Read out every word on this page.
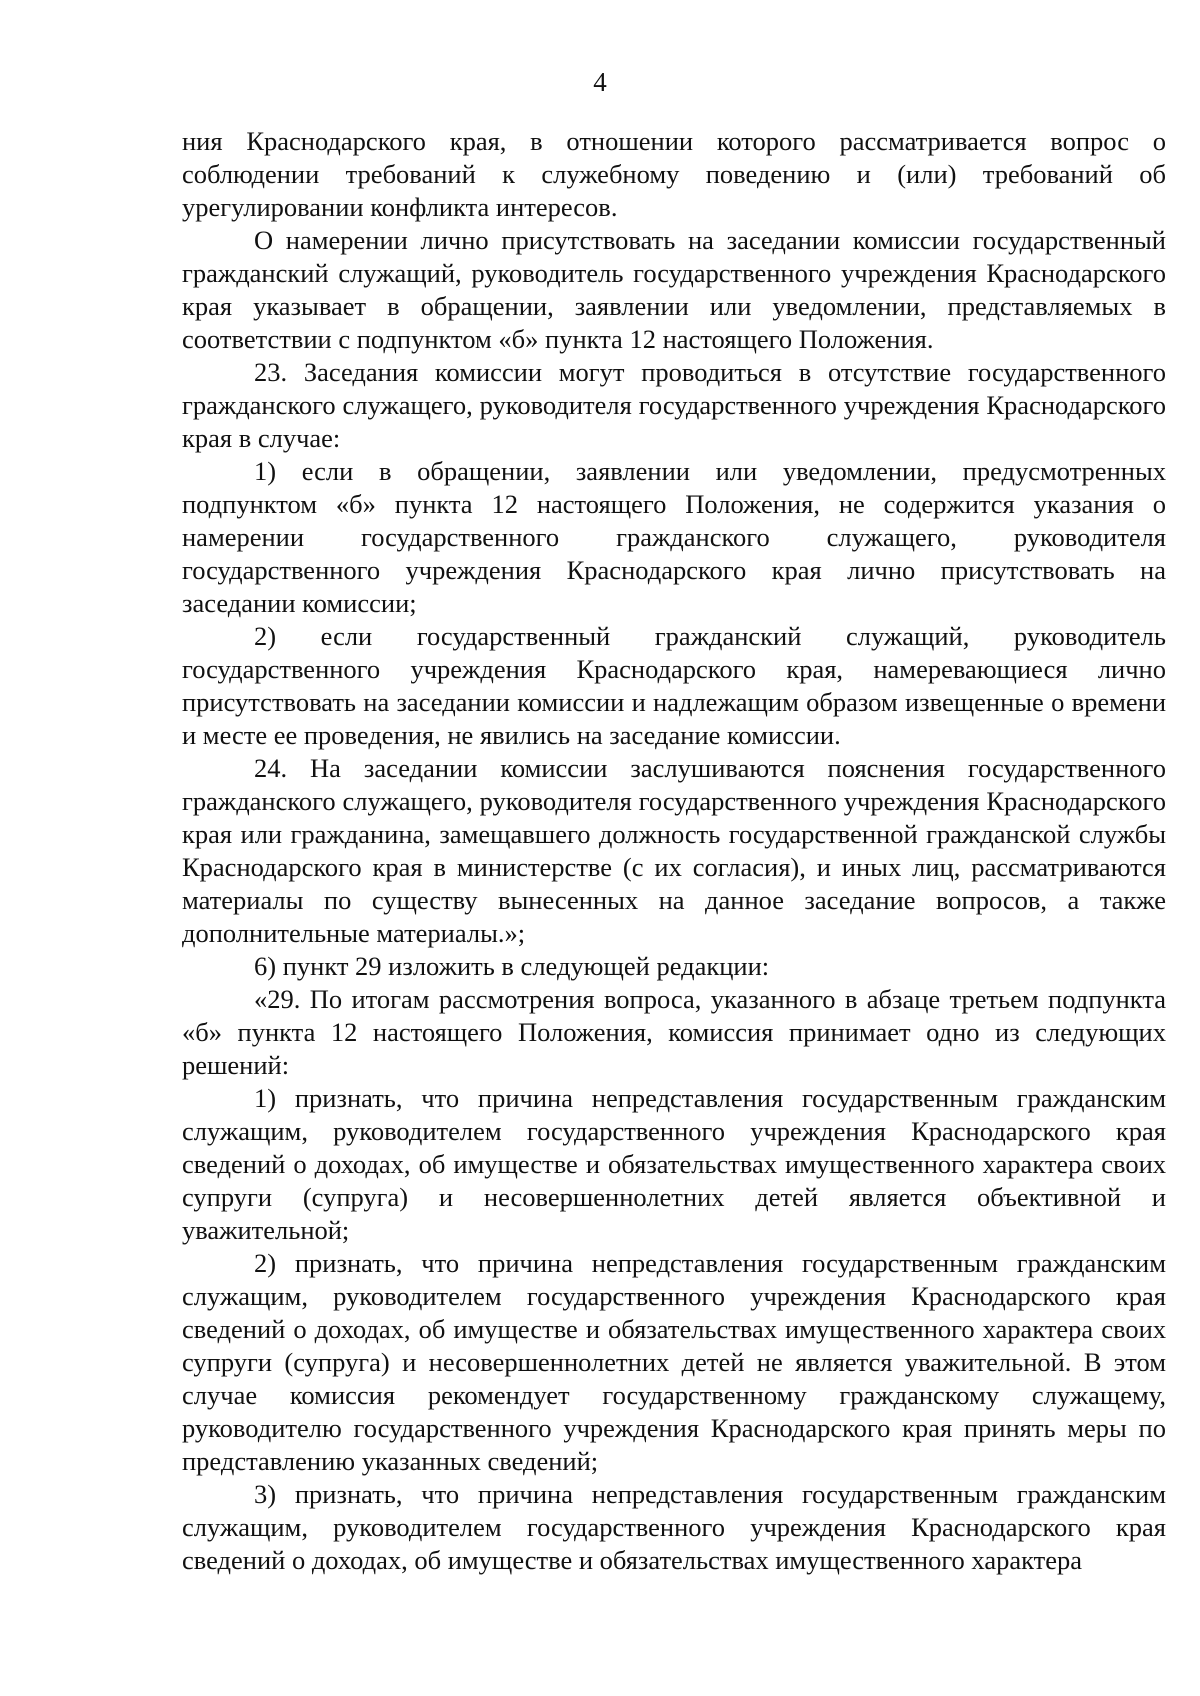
4

ния Краснодарского края, в отношении которого рассматривается вопрос о соблюдении требований к служебному поведению и (или) требований об урегулировании конфликта интересов.

О намерении лично присутствовать на заседании комиссии государственный гражданский служащий, руководитель государственного учреждения Краснодарского края указывает в обращении, заявлении или уведомлении, представляемых в соответствии с подпунктом «б» пункта 12 настоящего Положения.

23. Заседания комиссии могут проводиться в отсутствие государственного гражданского служащего, руководителя государственного учреждения Краснодарского края в случае:

1) если в обращении, заявлении или уведомлении, предусмотренных подпунктом «б» пункта 12 настоящего Положения, не содержится указания о намерении государственного гражданского служащего, руководителя государственного учреждения Краснодарского края лично присутствовать на заседании комиссии;

2) если государственный гражданский служащий, руководитель государственного учреждения Краснодарского края, намеревающиеся лично присутствовать на заседании комиссии и надлежащим образом извещенные о времени и месте ее проведения, не явились на заседание комиссии.

24. На заседании комиссии заслушиваются пояснения государственного гражданского служащего, руководителя государственного учреждения Краснодарского края или гражданина, замещавшего должность государственной гражданской службы Краснодарского края в министерстве (с их согласия), и иных лиц, рассматриваются материалы по существу вынесенных на данное заседание вопросов, а также дополнительные материалы.»;

6) пункт 29 изложить в следующей редакции:

«29. По итогам рассмотрения вопроса, указанного в абзаце третьем подпункта «б» пункта 12 настоящего Положения, комиссия принимает одно из следующих решений:

1) признать, что причина непредставления государственным гражданским служащим, руководителем государственного учреждения Краснодарского края сведений о доходах, об имуществе и обязательствах имущественного характера своих супруги (супруга) и несовершеннолетних детей является объективной и уважительной;

2) признать, что причина непредставления государственным гражданским служащим, руководителем государственного учреждения Краснодарского края сведений о доходах, об имуществе и обязательствах имущественного характера своих супруги (супруга) и несовершеннолетних детей не является уважительной. В этом случае комиссия рекомендует государственному гражданскому служащему, руководителю государственного учреждения Краснодарского края принять меры по представлению указанных сведений;

3) признать, что причина непредставления государственным гражданским служащим, руководителем государственного учреждения Краснодарского края сведений о доходах, об имуществе и обязательствах имущественного характера
